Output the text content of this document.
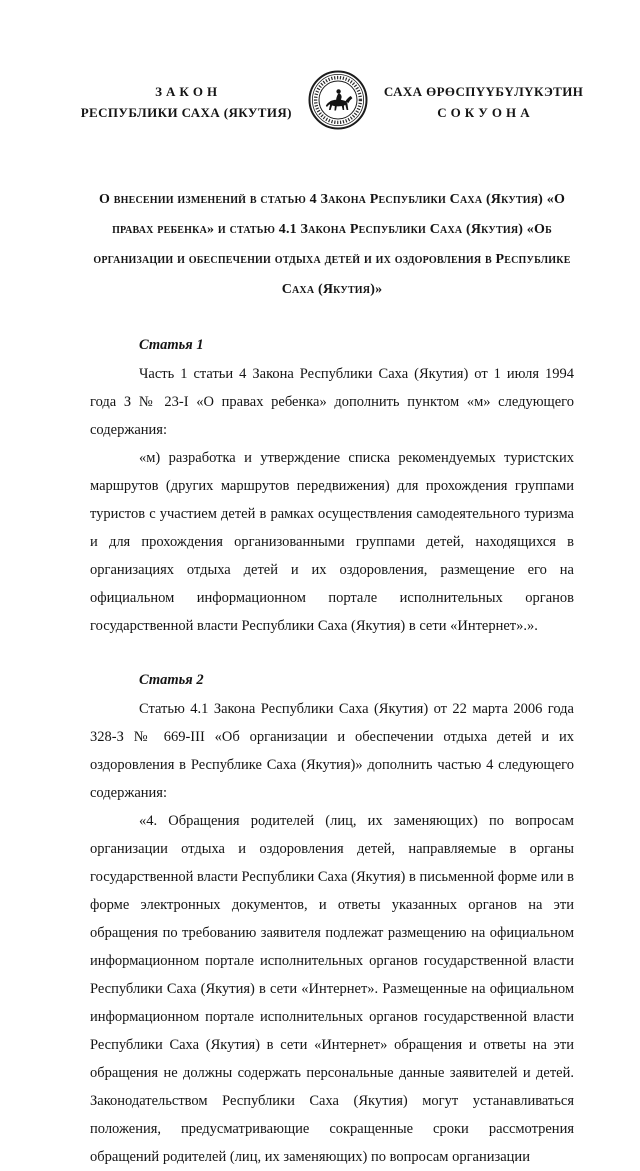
З А К О Н
РЕСПУБЛИКИ САХА (ЯКУТИЯ)
САХА ӨРӨСПҮҮБҮЛҮКЭТИН
С О К У О Н А
О внесении изменений в статью 4 Закона Республики Саха (Якутия) «О правах ребенка» и статью 4.1 Закона Республики Саха (Якутия) «Об организации и обеспечении отдыха детей и их оздоровления в Республике Саха (Якутия)»
Статья 1

Часть 1 статьи 4 Закона Республики Саха (Якутия) от 1 июля 1994 года З № 23-I «О правах ребенка» дополнить пунктом «м» следующего содержания:

«м) разработка и утверждение списка рекомендуемых туристских маршрутов (других маршрутов передвижения) для прохождения группами туристов с участием детей в рамках осуществления самодеятельного туризма и для прохождения организованными группами детей, находящихся в организациях отдыха детей и их оздоровления, размещение его на официальном информационном портале исполнительных органов государственной власти Республики Саха (Якутия) в сети «Интернет».».

Статья 2

Статью 4.1 Закона Республики Саха (Якутия) от 22 марта 2006 года 328-З № 669-III «Об организации и обеспечении отдыха детей и их оздоровления в Республике Саха (Якутия)» дополнить частью 4 следующего содержания:

«4. Обращения родителей (лиц, их заменяющих) по вопросам организации отдыха и оздоровления детей, направляемые в органы государственной власти Республики Саха (Якутия) в письменной форме или в форме электронных документов, и ответы указанных органов на эти обращения по требованию заявителя подлежат размещению на официальном информационном портале исполнительных органов государственной власти Республики Саха (Якутия) в сети «Интернет». Размещенные на официальном информационном портале исполнительных органов государственной власти Республики Саха (Якутия) в сети «Интернет» обращения и ответы на эти обращения не должны содержать персональные данные заявителей и детей. Законодательством Республики Саха (Якутия) могут устанавливаться положения, предусматривающие сокращенные сроки рассмотрения обращений родителей (лиц, их заменяющих) по вопросам организации
